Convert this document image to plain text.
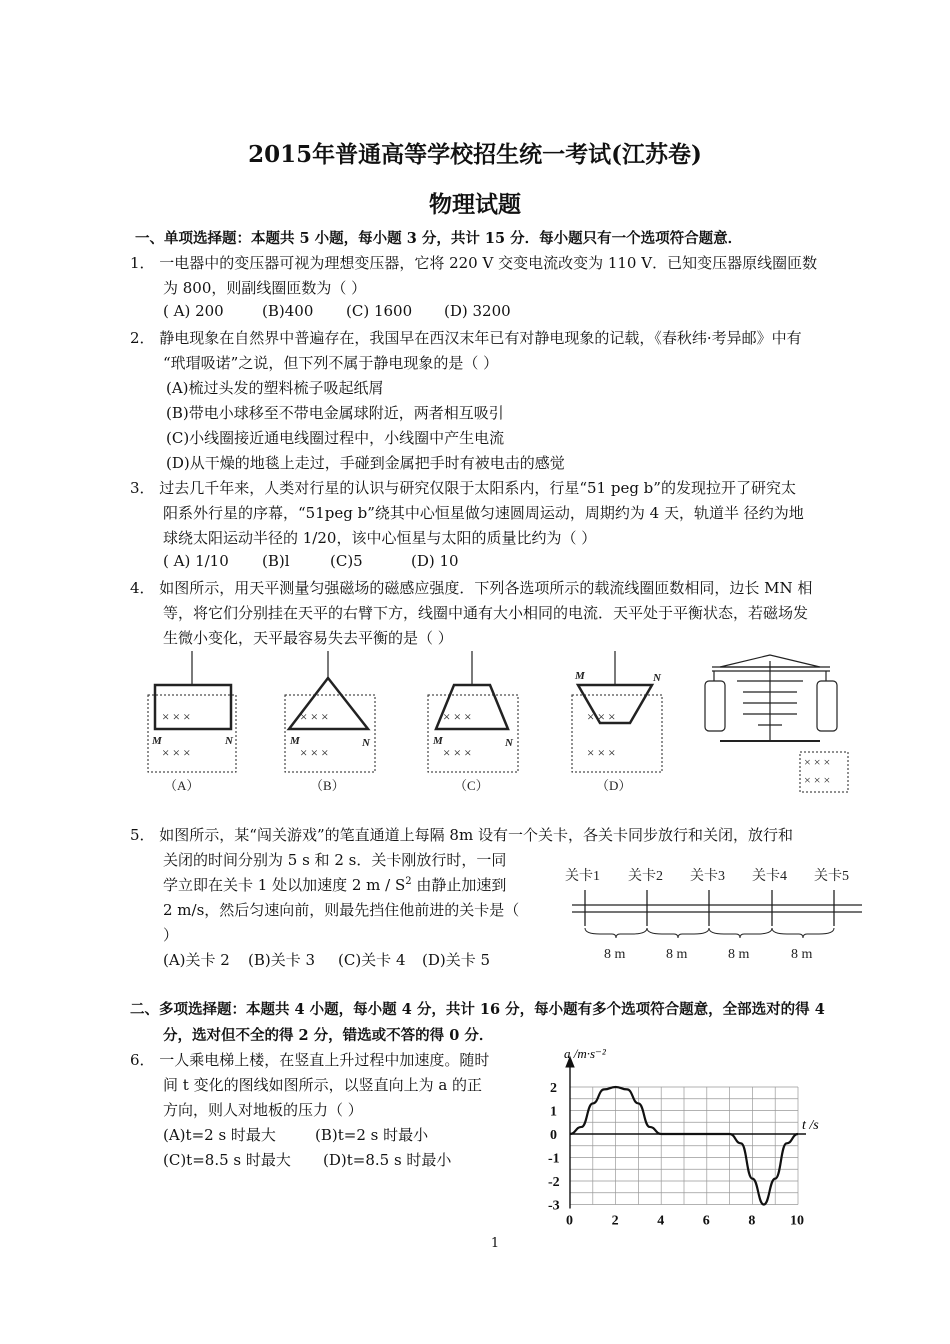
2015年普通高等学校招生统一考试(江苏卷)
物理试题
一、单项选择题：本题共 5 小题，每小题 3 分，共计 15 分．每小题只有一个选项符合题意．
1． 一电器中的变压器可视为理想变压器，它将 220 V 交变电流改变为 110 V．已知变压器原线圈匝数
为 800，则副线圈匝数为（ ）
( A) 200	(B)400 (C) 1600 (D) 3200
2． 静电现象在自然界中普遍存在，我国早在西汉末年已有对静电现象的记载，《春秋纬·考异邮》中有
“玳瑁吸诺”之说，但下列不属于静电现象的是（ ）
(A)梳过头发的塑料梳子吸起纸屑
(B)带电小球移至不带电金属球附近，两者相互吸引
(C)小线圈接近通电线圈过程中，小线圈中产生电流
(D)从干燥的地毯上走过，手碰到金属把手时有被电击的感觉
3． 过去几千年来，人类对行星的认识与研究仅限于太阳系内，行星“51 peg b”的发现拉开了研究太
阳系外行星的序幕，“51peg b”绕其中心恒星做匀速圆周运动，周期约为 4 天，轨道半 径约为地
球绕太阳运动半径的 1/20，该中心恒星与太阳的质量比约为（ ）
( A) 1/10 (B)l	(C)5	(D) 10
4． 如图所示，用天平测量匀强磁场的磁感应强度．下列各选项所示的载流线圈匝数相同，边长 MN 相
等，将它们分别挂在天平的右臂下方，线圈中通有大小相同的电流．天平处于平衡状态，若磁场发
生微小变化，天平最容易失去平衡的是（ ）
× × ×
× × ×
× × ×
× × ×
× × ×
× × ×
× × ×
× × ×
× × ×
× × ×
M	N	M	N	M	N
M	N
（A）	（B）	（C）	（D）
5． 如图所示，某“闯关游戏”的笔直通道上每隔 8m 设有一个关卡，各关卡同步放行和关闭，放行和
关闭的时间分别为 5 s 和 2 s．关卡刚放行时，一同
学立即在关卡 1 处以加速度 2 m / $S^2$ 由静止加速到
2 m/s，然后匀速向前，则最先挡住他前进的关卡是（
）
(A)关卡 2 (B)关卡 3 (C)关卡 4 (D)关卡 5
关卡1 关卡2 关卡3 关卡4 关卡5
8 m	8 m	8 m	8 m
二、多项选择题：本题共 4 小题，每小题 4 分，共计 16 分，每小题有多个选项符合题意，全部选对的得 4
分，选对但不全的得 2 分，错选或不答的得 0 分．
6． 一人乘电梯上楼，在竖直上升过程中加速度。随时
间 t 变化的图线如图所示，以竖直向上为 a 的正
方向，则人对地板的压力（ ）
(A)t=2 s 时最大	(B)t=2 s 时最小
(C)t=8.5 s 时最大 (D)t=8.5 s 时最小
0	2	4	6	8 10
2
1
0
-1
-2
-3
t /s
a /m·s⁻²
1
